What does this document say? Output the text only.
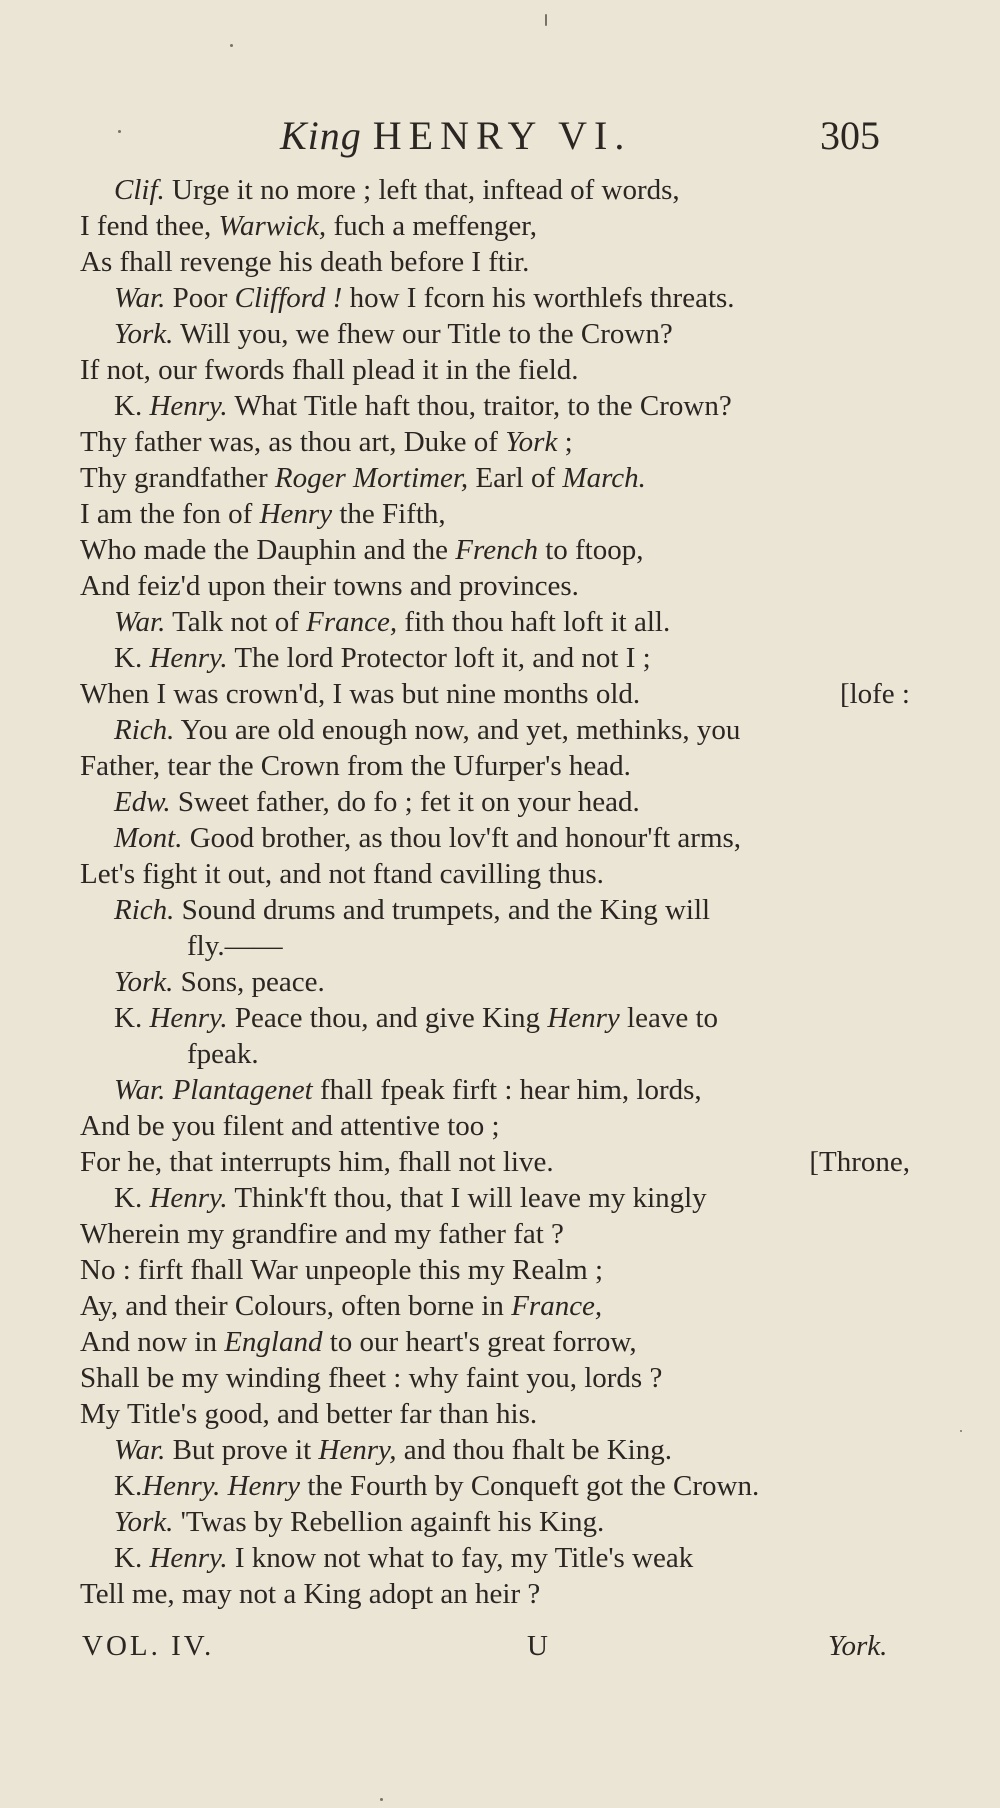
King HENRY VI.	305
Clif. Urge it no more ; left that, inftead of words,
I fend thee, Warwick, fuch a meffenger,
As fhall revenge his death before I ftir.
War. Poor Clifford ! how I fcorn his worthlefs threats.
York. Will you, we fhew our Title to the Crown?
If not, our fwords fhall plead it in the field.
K. Henry. What Title haft thou, traitor, to the Crown?
Thy father was, as thou art, Duke of York ;
Thy grandfather Roger Mortimer, Earl of March.
I am the fon of Henry the Fifth,
Who made the Dauphin and the French to ftoop,
And feiz'd upon their towns and provinces.
War. Talk not of France, fith thou haft loft it all.
K. Henry. The lord Protector loft it, and not I ;
When I was crown'd, I was but nine months old.	[lofe :
Rich. You are old enough now, and yet, methinks, you
Father, tear the Crown from the Ufurper's head.
Edw. Sweet father, do fo ; fet it on your head.
Mont. Good brother, as thou lov'ft and honour'ft arms,
Let's fight it out, and not ftand cavilling thus.
Rich. Sound drums and trumpets, and the King will
fly.——
York. Sons, peace.
K. Henry. Peace thou, and give King Henry leave to
fpeak.
War. Plantagenet fhall fpeak firft : hear him, lords,
And be you filent and attentive too ;
For he, that interrupts him, fhall not live.	[Throne,
K. Henry. Think'ft thou, that I will leave my kingly
Wherein my grandfire and my father fat ?
No : firft fhall War unpeople this my Realm ;
Ay, and their Colours, often borne in France,
And now in England to our heart's great forrow,
Shall be my winding fheet : why faint you, lords ?
My Title's good, and better far than his.
War. But prove it Henry, and thou fhalt be King.
K.Henry. Henry the Fourth by Conqueft got the Crown.
York. 'Twas by Rebellion againft his King.
K. Henry. I know not what to fay, my Title's weak
Tell me, may not a King adopt an heir ?
VOL. IV.	U	York.
